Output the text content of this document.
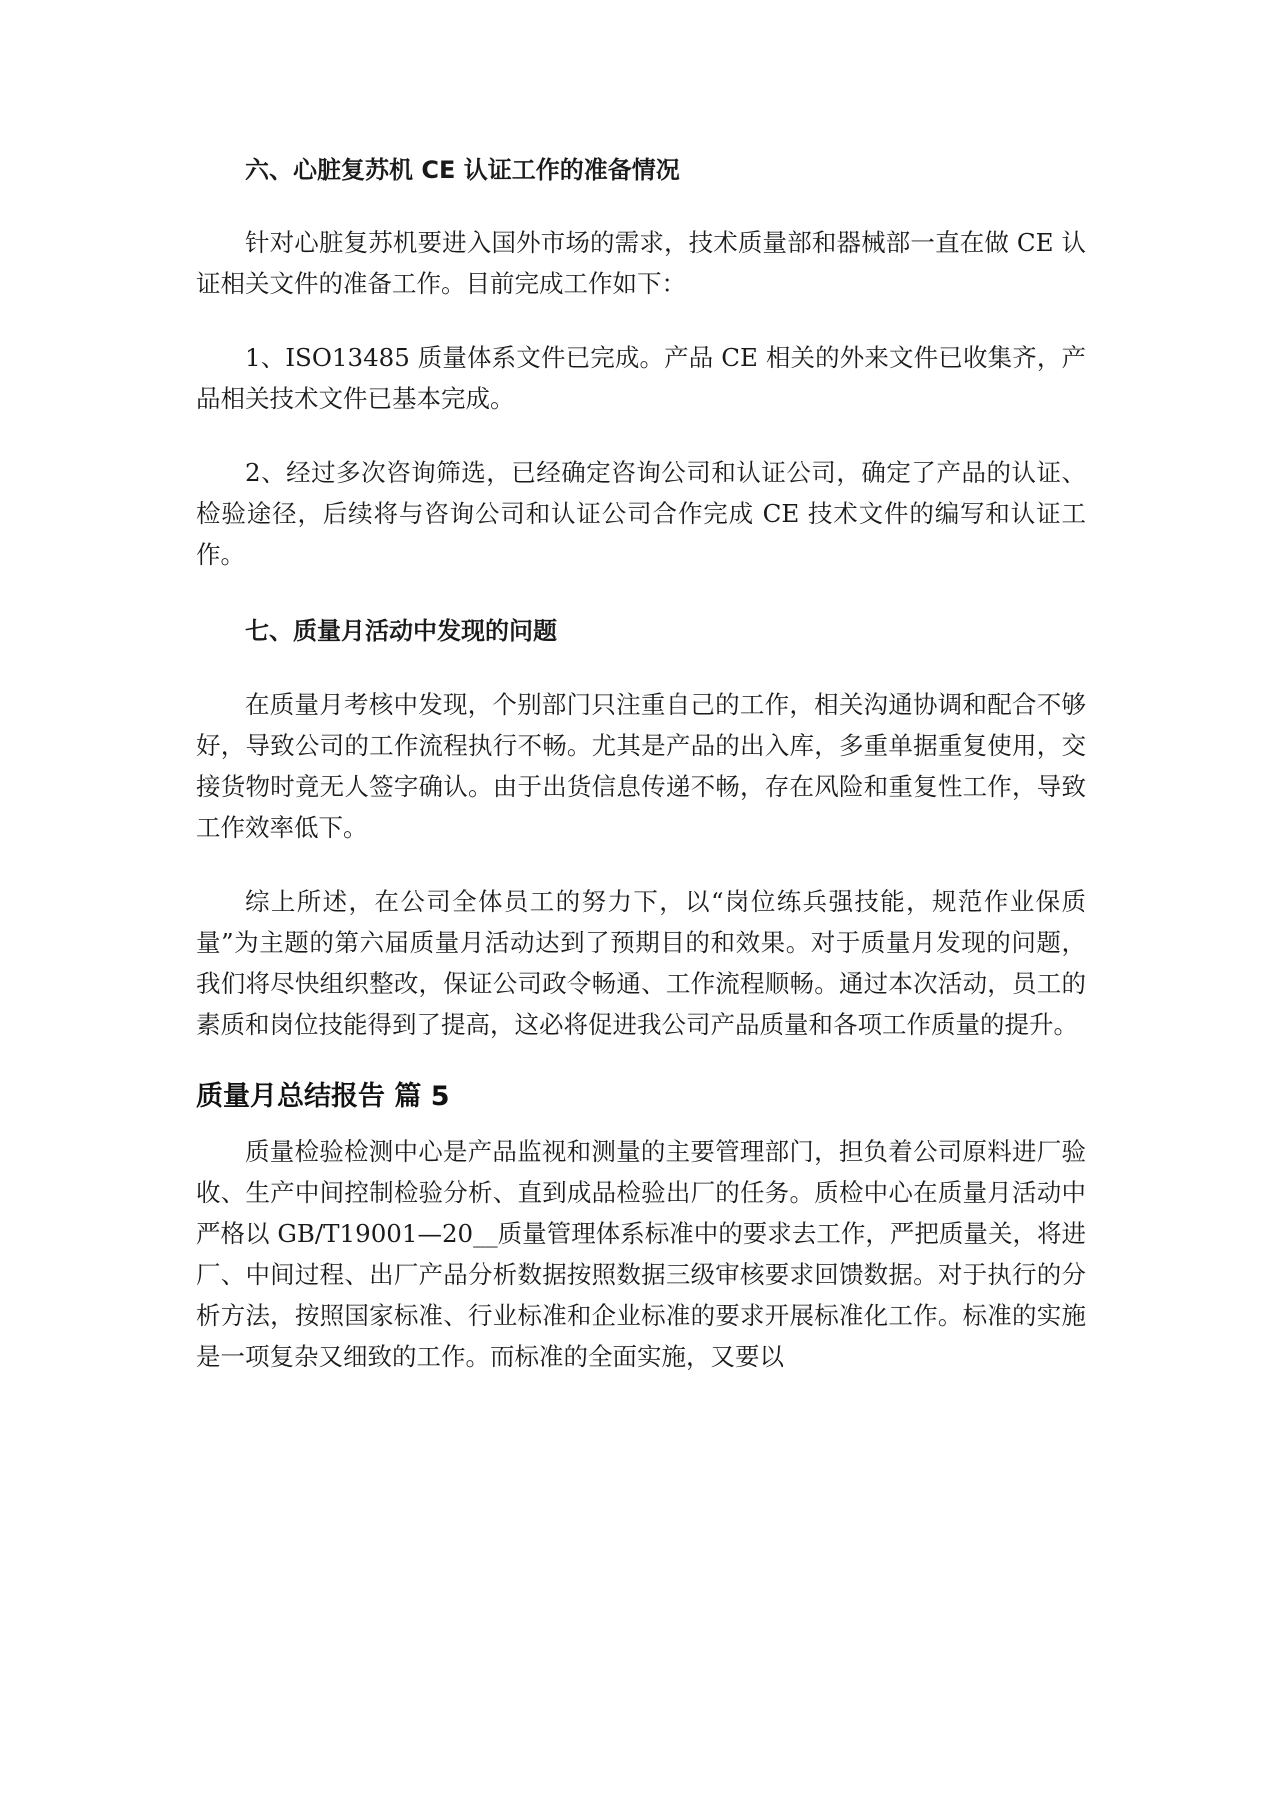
六、心脏复苏机 CE 认证工作的准备情况

针对心脏复苏机要进入国外市场的需求，技术质量部和器械部一直在做 CE 认证相关文件的准备工作。目前完成工作如下：

1、ISO13485 质量体系文件已完成。产品 CE 相关的外来文件已收集齐，产品相关技术文件已基本完成。

2、经过多次咨询筛选，已经确定咨询公司和认证公司，确定了产品的认证、检验途径，后续将与咨询公司和认证公司合作完成 CE 技术文件的编写和认证工作。

七、质量月活动中发现的问题

在质量月考核中发现，个别部门只注重自己的工作，相关沟通协调和配合不够好，导致公司的工作流程执行不畅。尤其是产品的出入库，多重单据重复使用，交接货物时竟无人签字确认。由于出货信息传递不畅，存在风险和重复性工作，导致工作效率低下。

综上所述，在公司全体员工的努力下，以“岗位练兵强技能，规范作业保质量”为主题的第六届质量月活动达到了预期目的和效果。对于质量月发现的问题，我们将尽快组织整改，保证公司政令畅通、工作流程顺畅。通过本次活动，员工的素质和岗位技能得到了提高，这必将促进我公司产品质量和各项工作质量的提升。

质量月总结报告 篇 5

质量检验检测中心是产品监视和测量的主要管理部门，担负着公司原料进厂验收、生产中间控制检验分析、直到成品检验出厂的任务。质检中心在质量月活动中严格以 GB/T19001—20__质量管理体系标准中的要求去工作，严把质量关，将进厂、中间过程、出厂产品分析数据按照数据三级审核要求回馈数据。对于执行的分析方法，按照国家标准、行业标准和企业标准的要求开展标准化工作。标准的实施是一项复杂又细致的工作。而标准的全面实施，又要以
